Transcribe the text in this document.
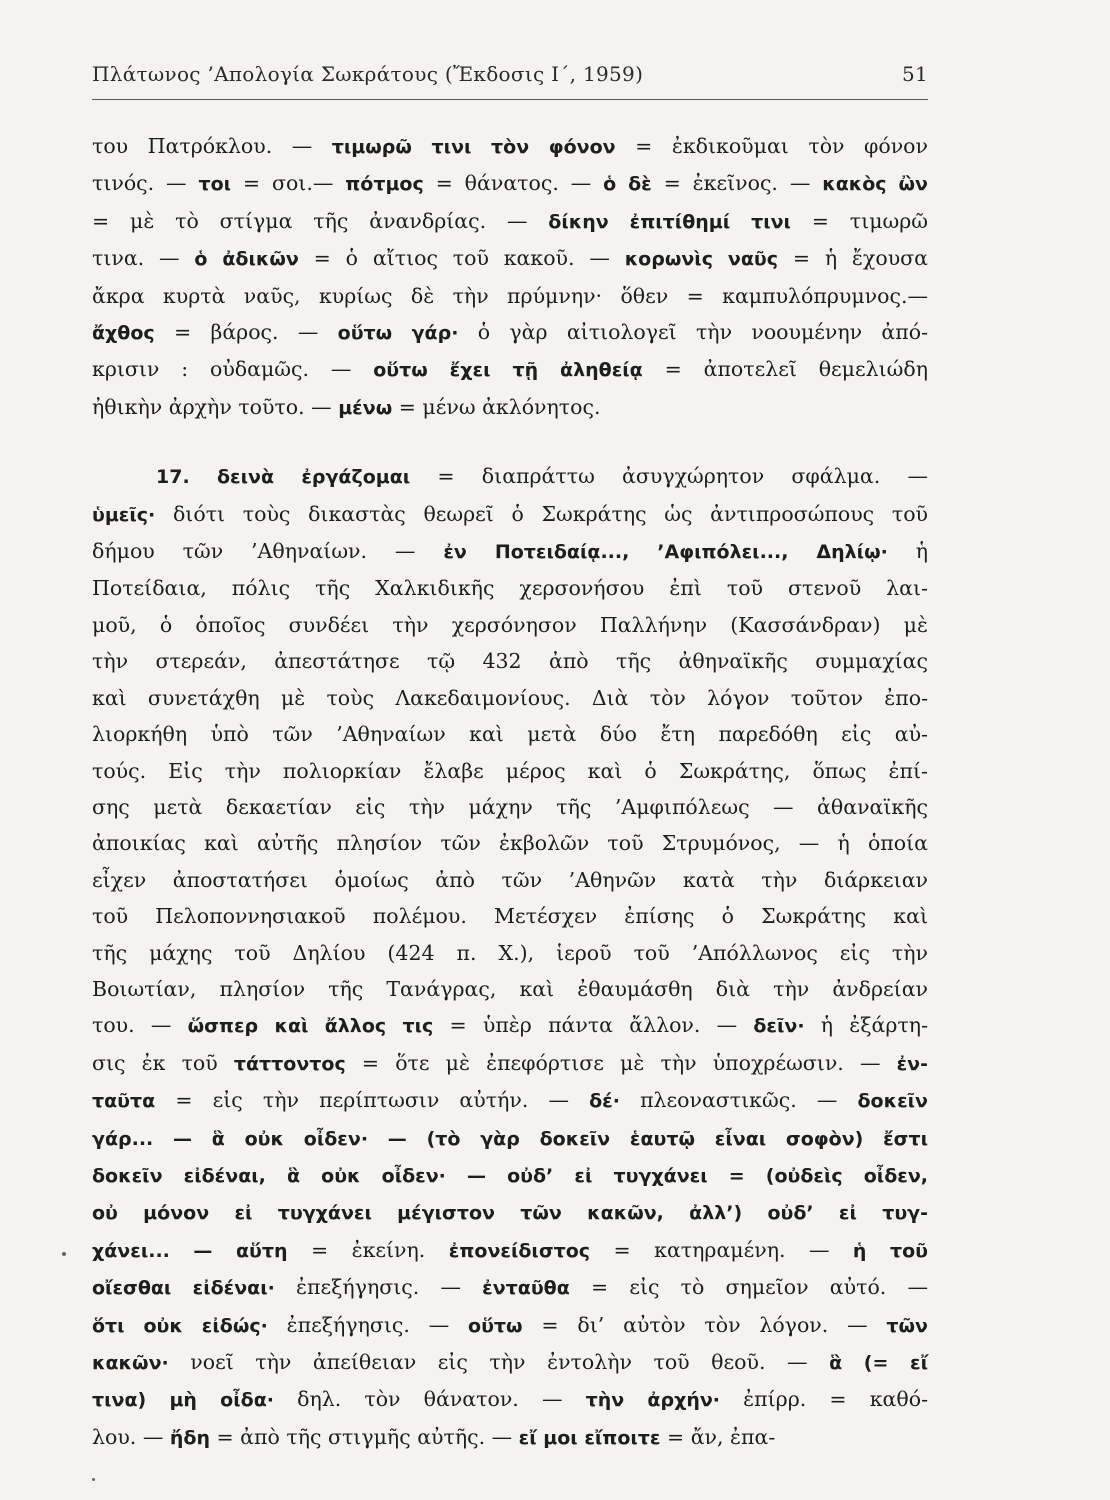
Πλάτωνος ’Απολογία Σωκράτους (Ἔκδοσις Ι΄, 1959)	51
του Πατρόκλου. — τιμωρῶ τινι τὸν φόνον = ἐκδικοῦμαι τὸν φόνον
τινός. — τοι = σοι.— πότμος = θάνατος. — ὁ δὲ = ἐκεῖνος. — κακὸς ὢν
= μὲ τὸ στίγμα τῆς ἀνανδρίας. — δίκην ἐπιτίθημί τινι = τιμωρῶ
τινα. — ὁ ἀδικῶν = ὁ αἴτιος τοῦ κακοῦ. — κορωνὶς ναῦς = ἡ ἔχουσα
ἄκρα κυρτὰ ναῦς, κυρίως δὲ τὴν πρύμνην· ὅθεν = καμπυλόπρυμνος.—
ἄχθος = βάρος. — οὕτω γάρ· ὁ γὰρ αἰτιολογεῖ τὴν νοουμένην ἀπό-
κρισιν : οὐδαμῶς. — οὕτω ἔχει τῇ ἀληθείᾳ = ἀποτελεῖ θεμελιώδη
ἠθικὴν ἀρχὴν τοῦτο. — μένω = μένω ἀκλόνητος.
17. δεινὰ ἐργάζομαι = διαπράττω ἀσυγχώρητον σφάλμα. —
ὑμεῖς· διότι τοὺς δικαστὰς θεωρεῖ ὁ Σωκράτης ὡς ἀντιπροσώπους τοῦ
δήμου τῶν ’Αθηναίων. — ἐν Ποτειδαίᾳ..., ’Αφιπόλει..., Δηλίῳ· ἡ
Ποτείδαια, πόλις τῆς Χαλκιδικῆς χερσονήσου ἐπὶ τοῦ στενοῦ λαι-
μοῦ, ὁ ὁποῖος συνδέει τὴν χερσόνησον Παλλήνην (Κασσάνδραν) μὲ
τὴν στερεάν, ἀπεστάτησε τῷ 432 ἀπὸ τῆς ἀθηναϊκῆς συμμαχίας
καὶ συνετάχθη μὲ τοὺς Λακεδαιμονίους. Διὰ τὸν λόγον τοῦτον ἐπο-
λιορκήθη ὑπὸ τῶν ’Αθηναίων καὶ μετὰ δύο ἔτη παρεδόθη εἰς αὐ-
τούς. Εἰς τὴν πολιορκίαν ἔλαβε μέρος καὶ ὁ Σωκράτης, ὅπως ἐπί-
σης μετὰ δεκαετίαν εἰς τὴν μάχην τῆς ’Αμφιπόλεως — ἀθαναϊκῆς
ἀποικίας καὶ αὐτῆς πλησίον τῶν ἐκβολῶν τοῦ Στρυμόνος, — ἡ ὁποία
εἶχεν ἀποστατήσει ὁμοίως ἀπὸ τῶν ’Αθηνῶν κατὰ τὴν διάρκειαν
τοῦ Πελοποννησιακοῦ πολέμου. Μετέσχεν ἐπίσης ὁ Σωκράτης καὶ
τῆς μάχης τοῦ Δηλίου (424 π. Χ.), ἱεροῦ τοῦ ’Απόλλωνος εἰς τὴν
Βοιωτίαν, πλησίον τῆς Τανάγρας, καὶ ἐθαυμάσθη διὰ τὴν ἀνδρείαν
του. — ὥσπερ καὶ ἄλλος τις = ὑπὲρ πάντα ἄλλον. — δεῖν· ἡ ἐξάρτη-
σις ἐκ τοῦ τάττοντος = ὅτε μὲ ἐπεφόρτισε μὲ τὴν ὑποχρέωσιν. — ἐν-
ταῦτα = εἰς τὴν περίπτωσιν αὐτήν. — δέ· πλεοναστικῶς. — δοκεῖν
γάρ... — ἃ οὐκ οἶδεν· — (τὸ γὰρ δοκεῖν ἑαυτῷ εἶναι σοφὸν) ἔστι
δοκεῖν εἰδέναι, ἃ οὐκ οἶδεν· — οὐδ’ εἰ τυγχάνει = (οὐδεὶς οἶδεν,
οὐ μόνον εἰ τυγχάνει μέγιστον τῶν κακῶν, ἀλλ’) οὐδ’ εἰ τυγ-
χάνει... — αὕτη = ἐκείνη. ἐπονείδιστος = κατηραμένη. — ἡ τοῦ
οἴεσθαι εἰδέναι· ἐπεξήγησις. — ἐνταῦθα = εἰς τὸ σημεῖον αὐτό. —
ὅτι οὐκ εἰδώς· ἐπεξήγησις. — οὕτω = δι’ αὐτὸν τὸν λόγον. — τῶν
κακῶν· νοεῖ τὴν ἀπείθειαν εἰς τὴν ἐντολὴν τοῦ θεοῦ. — ἃ (= εἴ
τινα) μὴ οἶδα· δηλ. τὸν θάνατον. — τὴν ἀρχήν· ἐπίρρ. = καθό-
λου. — ἤδη = ἀπὸ τῆς στιγμῆς αὐτῆς. — εἴ μοι εἴποιτε = ἄν, ἐπα-
